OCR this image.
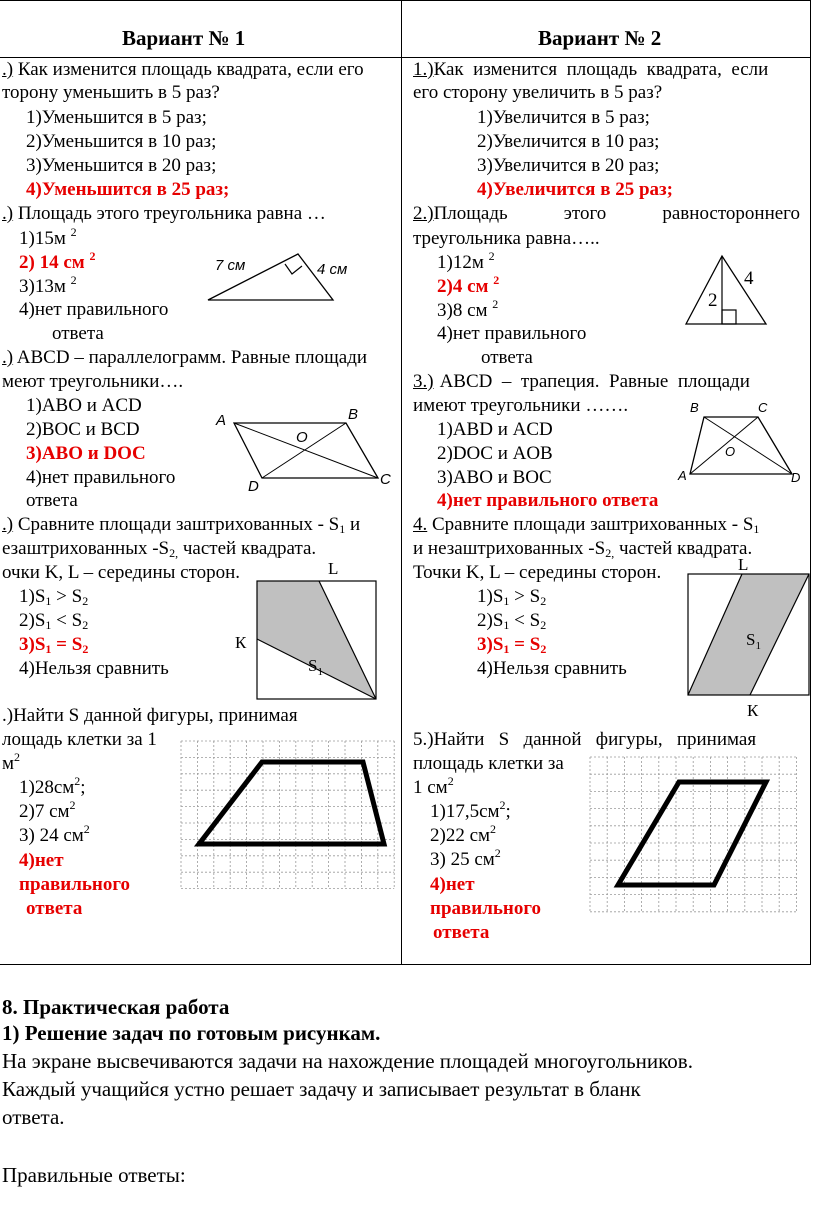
Вариант № 1	Вариант № 2
.) Как изменится площадь квадрата, если его
торону уменьшить в 5 раз?
1)Уменьшится в 5 раз;
2)Уменьшится в 10 раз;
3)Уменьшится в 20 раз;
4)Уменьшится в 25 раз;
.) Площадь этого треугольника равна …
1)15м $^2$
2) 14 см $^2$
3)13м $^2$
4)нет правильного
ответа
7 см	4 см
.) ABCD – параллелограмм. Равные площади
меют треугольники….
1)ABO и ACD
2)BOC и BCD
3)ABO и DOC
4)нет правильного
ответа
A	B
C
D
O
.) Сравните площади заштрихованных - $S_1$ и
езаштрихованных $-S_{2,}$ частей квадрата.
очки K, L – середины сторон.
$1)S_1 > S_2$
$2)S_1 < S_2$
$3)S_1 = S_2$
4)Нельзя сравнить
L
К
$S_1$
.)Найти S данной фигуры, принимая
лощадь клетки за 1
$м^2$
$1)28см^2$;
2)7 $см^2$
3) 24 $см^2$
4)нет
правильного
ответа
1.) Как  изменится  площадь  квадрата,  если
его сторону увеличить в 5 раз?
1)Увеличится в 5 раз;
2)Увеличится в 10 раз;
3)Увеличится в 20 раз;
4)Увеличится в 25 раз;
2.)Площадь	этого	равностороннего
треугольника равна…..
1)12м $^2$
2)4 см $^2$
3)8 см $^2$
4)нет правильного
ответа
4
2
3.) ABCD  –  трапеция.  Равные  площади
имеют треугольники …….
1)ABD и ACD
2)DOC и AOB
3)ABO и BOC
4)нет правильного ответа
B	C
A	D
O
4. Сравните площади заштрихованных - $S_1$
и незаштрихованных $-S_{2,}$ частей квадрата.
Точки K, L – середины сторон.
$1)S_1 > S_2$
$2)S_1 < S_2$
$3)S_1 = S_2$
4)Нельзя сравнить
L
К
$S_1$
5.)Найти   S   данной   фигуры,   принимая
площадь клетки за
1 $см^2$
$1)17,5см^2$;
2)22 $см^2$
3) 25 $см^2$
4)нет
правильного
ответа
8. Практическая работа
1) Решение задач по готовым рисункам.
На экране высвечиваются задачи на нахождение площадей многоугольников.
Каждый учащийся устно решает задачу и записывает результат в бланк
ответа.
Правильные ответы:
